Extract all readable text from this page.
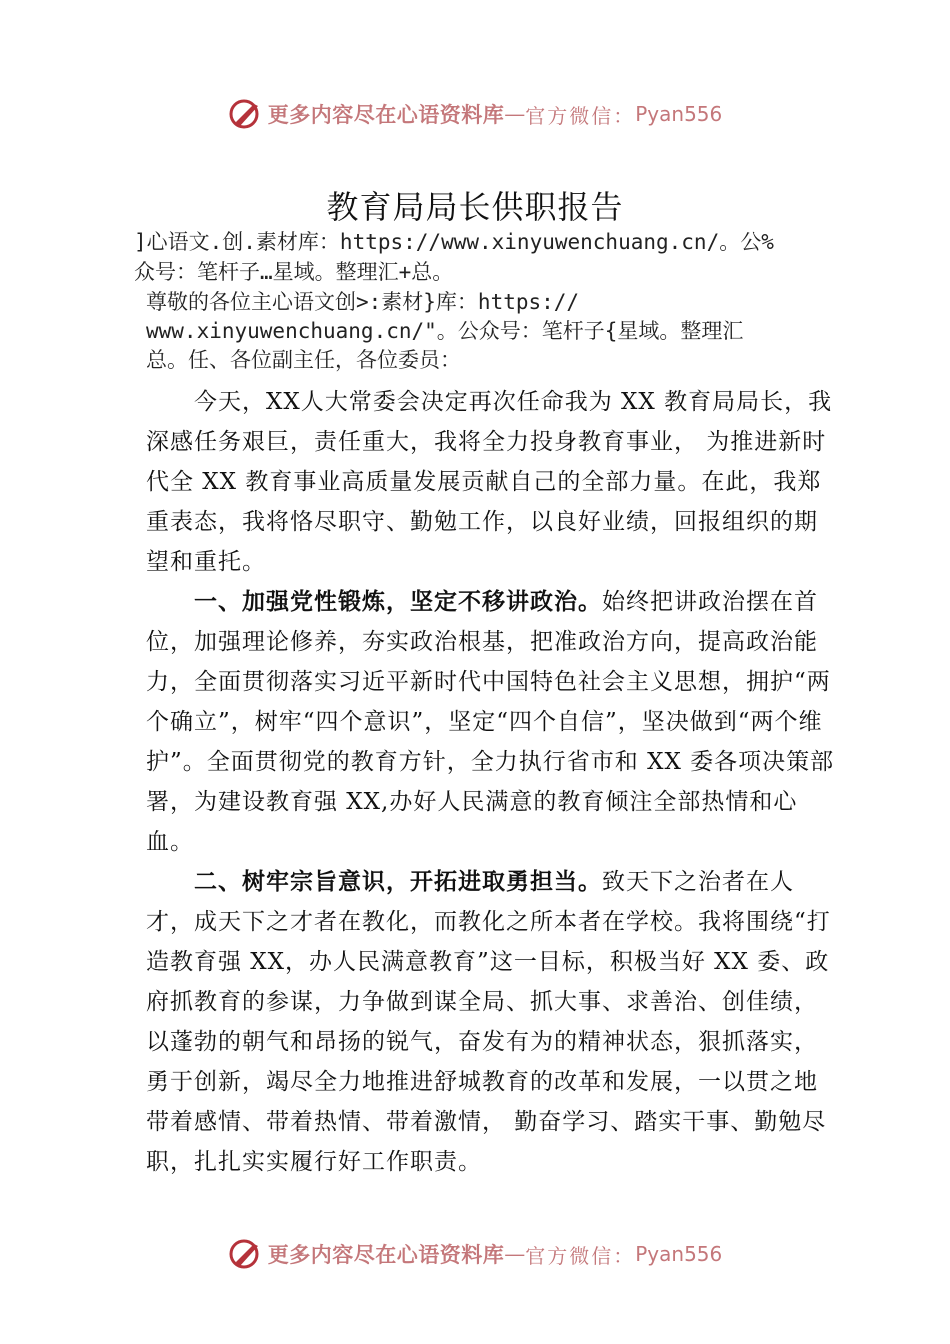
更多内容尽在心语资料库 — 官方微信： Pyan556
教育局局长供职报告
]心语文.创.素材库：https://www.xinyuwenchuang.cn/。公%
众号：笔杆子…星域。整理汇+总。
尊敬的各位主心语文创>:素材}库：https://
www.xinyuwenchuang.cn/"。公众号：笔杆子{星域。整理汇
总。任、各位副主任，各位委员：
今天，XX人大常委会决定再次任命我为 XX 教育局局长，我深感任务艰巨，责任重大，我将全力投身教育事业， 为推进新时代全 XX 教育事业高质量发展贡献自己的全部力量。在此，我郑重表态，我将恪尽职守、勤勉工作，以良好业绩，回报组织的期望和重托。
一、加强党性锻炼，坚定不移讲政治。始终把讲政治摆在首位，加强理论修养，夯实政治根基，把准政治方向，提高政治能力，全面贯彻落实习近平新时代中国特色社会主义思想，拥护“两个确立”，树牢“四个意识”，坚定“四个自信”，坚决做到“两个维护”。全面贯彻党的教育方针，全力执行省市和 XX 委各项决策部署，为建设教育强 XX,办好人民满意的教育倾注全部热情和心血。
二、树牢宗旨意识，开拓进取勇担当。致天下之治者在人才，成天下之才者在教化，而教化之所本者在学校。我将围绕“打造教育强 XX，办人民满意教育”这一目标，积极当好 XX 委、政府抓教育的参谋，力争做到谋全局、抓大事、求善治、创佳绩，以蓬勃的朝气和昂扬的锐气，奋发有为的精神状态，狠抓落实，勇于创新，竭尽全力地推进舒城教育的改革和发展，一以贯之地带着感情、带着热情、带着激情， 勤奋学习、踏实干事、勤勉尽职，扎扎实实履行好工作职责。
更多内容尽在心语资料库 — 官方微信： Pyan556
